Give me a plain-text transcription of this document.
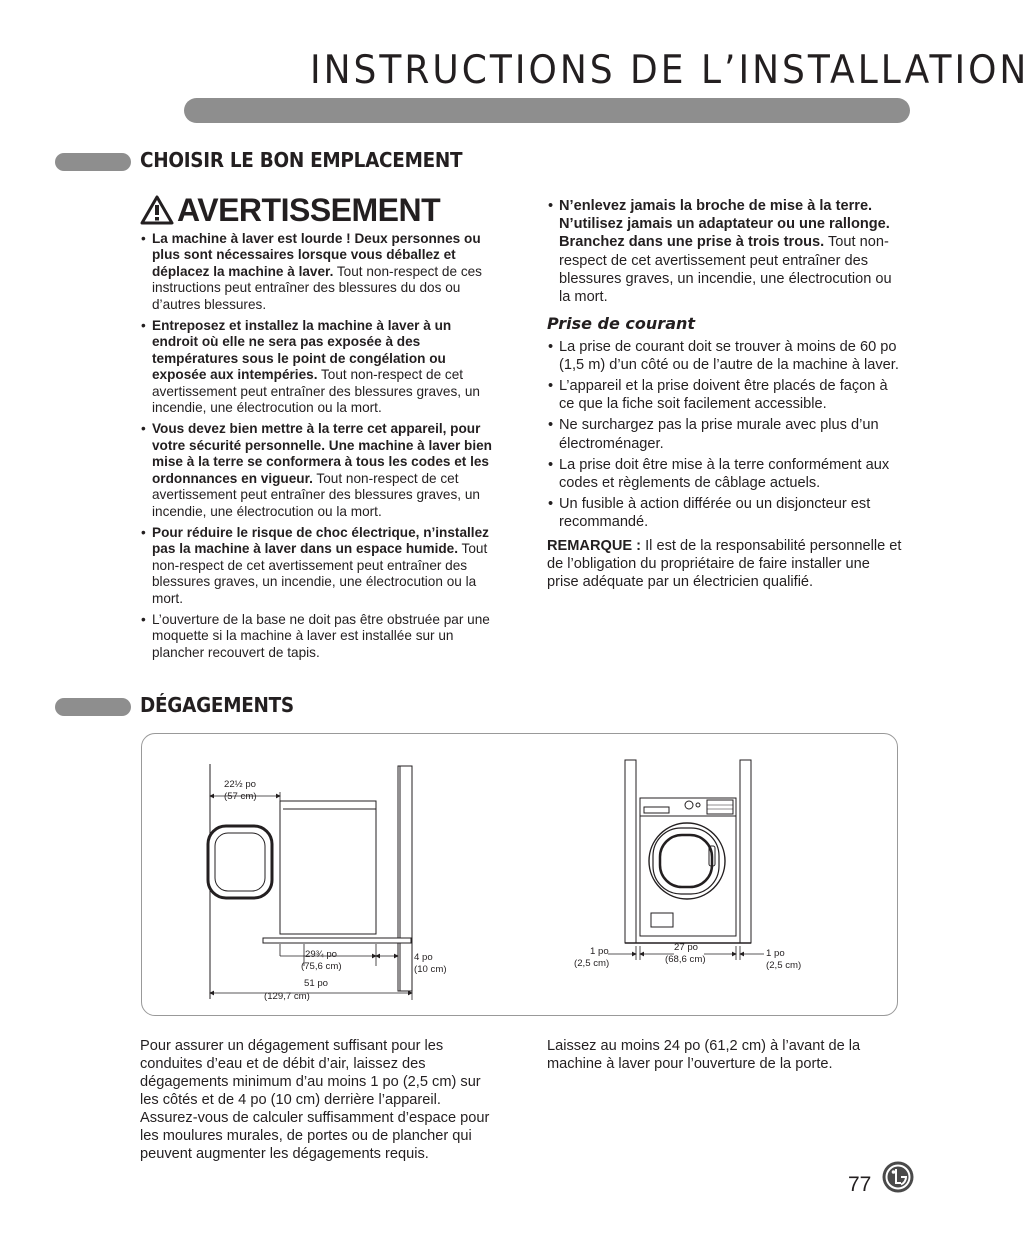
INSTRUCTIONS DE L’INSTALLATION
CHOISIR LE BON EMPLACEMENT
AVERTISSEMENT
• La machine à laver est lourde ! Deux personnes ou plus sont nécessaires lorsque vous déballez et déplacez la machine à laver. Tout non-respect de ces instructions peut entraîner des blessures du dos ou d’autres blessures.
• Entreposez et installez la machine à laver à un endroit où elle ne sera pas exposée à des températures sous le point de congélation ou exposée aux intempéries. Tout non-respect de cet avertissement peut entraîner des blessures graves, un incendie, une électrocution ou la mort.
• Vous devez bien mettre à la terre cet appareil, pour votre sécurité personnelle. Une machine à laver bien mise à la terre se conformera à tous les codes et les ordonnances en vigueur. Tout non-respect de cet avertissement peut entraîner des blessures graves, un incendie, une électrocution ou la mort.
• Pour réduire le risque de choc électrique, n’installez pas la machine à laver dans un espace humide. Tout non-respect de cet avertissement peut entraîner des blessures graves, un incendie, une électrocution ou la mort.
• L’ouverture de la base ne doit pas être obstruée par une moquette si la machine à laver est installée sur un plancher recouvert de tapis.
• N’enlevez jamais la broche de mise à la terre. N’utilisez jamais un adaptateur ou une rallonge. Branchez dans une prise à trois trous. Tout non-respect de cet avertissement peut entraîner des blessures graves, un incendie, une électrocution ou la mort.
Prise de courant
• La prise de courant doit se trouver à moins de 60 po (1,5 m) d’un côté ou de l’autre de la machine à laver.
• L’appareil et la prise doivent être placés de façon à ce que la fiche soit facilement accessible.
• Ne surchargez pas la prise murale avec plus d’un électroménager.
• La prise doit être mise à la terre conformément aux codes et règlements de câblage actuels.
• Un fusible à action différée ou un disjoncteur est recommandé.
REMARQUE : Il est de la responsabilité personnelle et de l’obligation du propriétaire de faire installer une prise adéquate par un électricien qualifié.
DÉGAGEMENTS
22½ po
(57 cm)
29¾ po
(75,6 cm)
4 po
(10 cm)
51 po
(129,7 cm)
1 po
(2,5 cm)
27 po
(68,6 cm)
1 po
(2,5 cm)
Pour assurer un dégagement suffisant pour les conduites d’eau et de débit d’air, laissez des dégagements minimum d’au moins 1 po (2,5 cm) sur les côtés et de 4 po (10 cm) derrière l’appareil. Assurez-vous de calculer suffisamment d’espace pour les moulures murales, de portes ou de plancher qui peuvent augmenter les dégagements requis.
Laissez au moins 24 po (61,2 cm) à l’avant de la machine à laver pour l’ouverture de la porte.
77
